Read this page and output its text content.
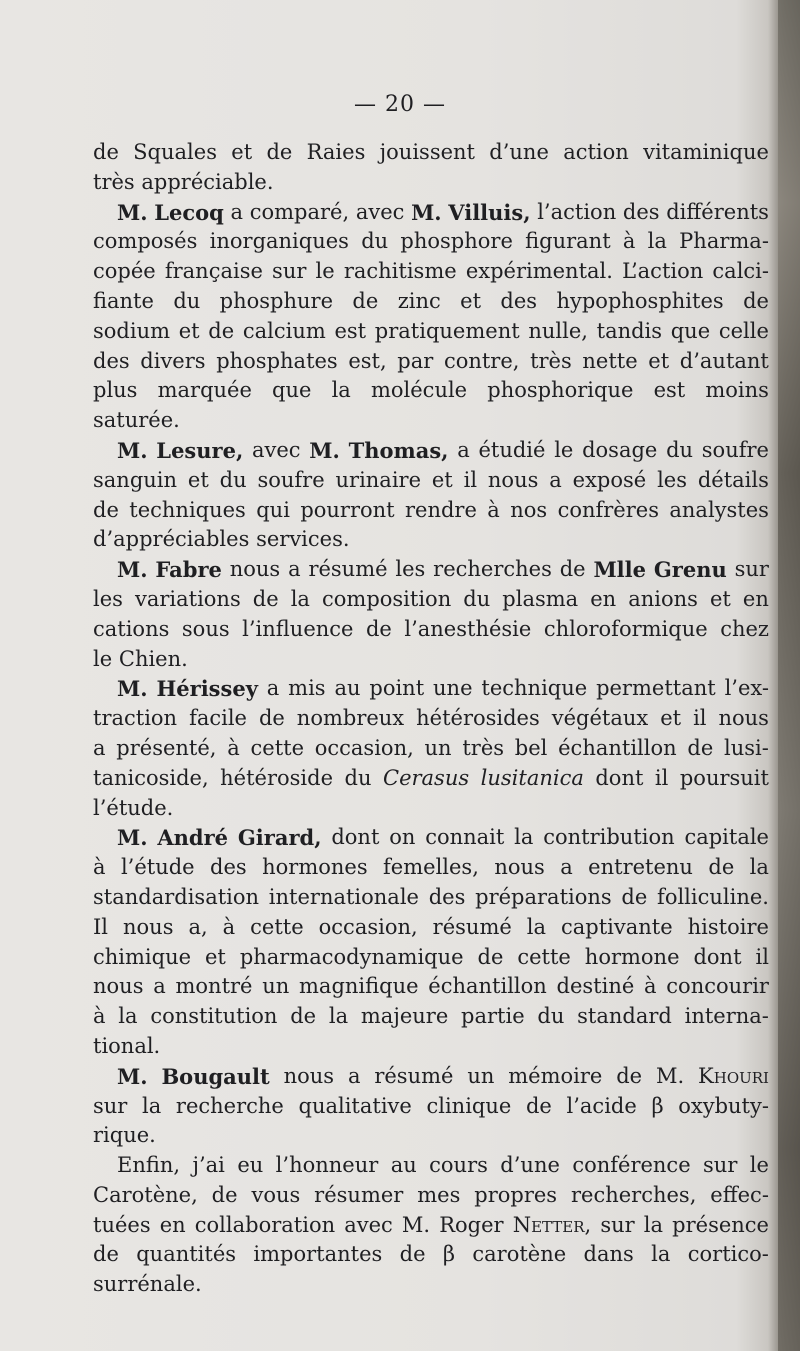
— 20 —
de Squales et de Raies jouissent d’une action vitaminique
très appréciable.
M. Lecoq a comparé, avec M. Villuis, l’action des différents
composés inorganiques du phosphore figurant à la Pharma-
copée française sur le rachitisme expérimental. L’action calci-
fiante du phosphure de zinc et des hypophosphites de
sodium et de calcium est pratiquement nulle, tandis que celle
des divers phosphates est, par contre, très nette et d’autant
plus marquée que la molécule phosphorique est moins
saturée.
M. Lesure, avec M. Thomas, a étudié le dosage du soufre
sanguin et du soufre urinaire et il nous a exposé les détails
de techniques qui pourront rendre à nos confrères analystes
d’appréciables services.
M. Fabre nous a résumé les recherches de Mlle Grenu sur
les variations de la composition du plasma en anions et en
cations sous l’influence de l’anesthésie chloroformique chez
le Chien.
M. Hérissey a mis au point une technique permettant l’ex-
traction facile de nombreux hétérosides végétaux et il nous
a présenté, à cette occasion, un très bel échantillon de lusi-
tanicoside, hétéroside du Cerasus lusitanica dont il poursuit
l’étude.
M. André Girard, dont on connait la contribution capitale
à l’étude des hormones femelles, nous a entretenu de la
standardisation internationale des préparations de folliculine.
Il nous a, à cette occasion, résumé la captivante histoire
chimique et pharmacodynamique de cette hormone dont il
nous a montré un magnifique échantillon destiné à concourir
à la constitution de la majeure partie du standard interna-
tional.
M. Bougault nous a résumé un mémoire de M. Khouri
sur la recherche qualitative clinique de l’acide β oxybuty-
rique.
Enfin, j’ai eu l’honneur au cours d’une conférence sur le
Carotène, de vous résumer mes propres recherches, effec-
tuées en collaboration avec M. Roger Netter, sur la présence
de quantités importantes de β carotène dans la cortico-
surrénale.
